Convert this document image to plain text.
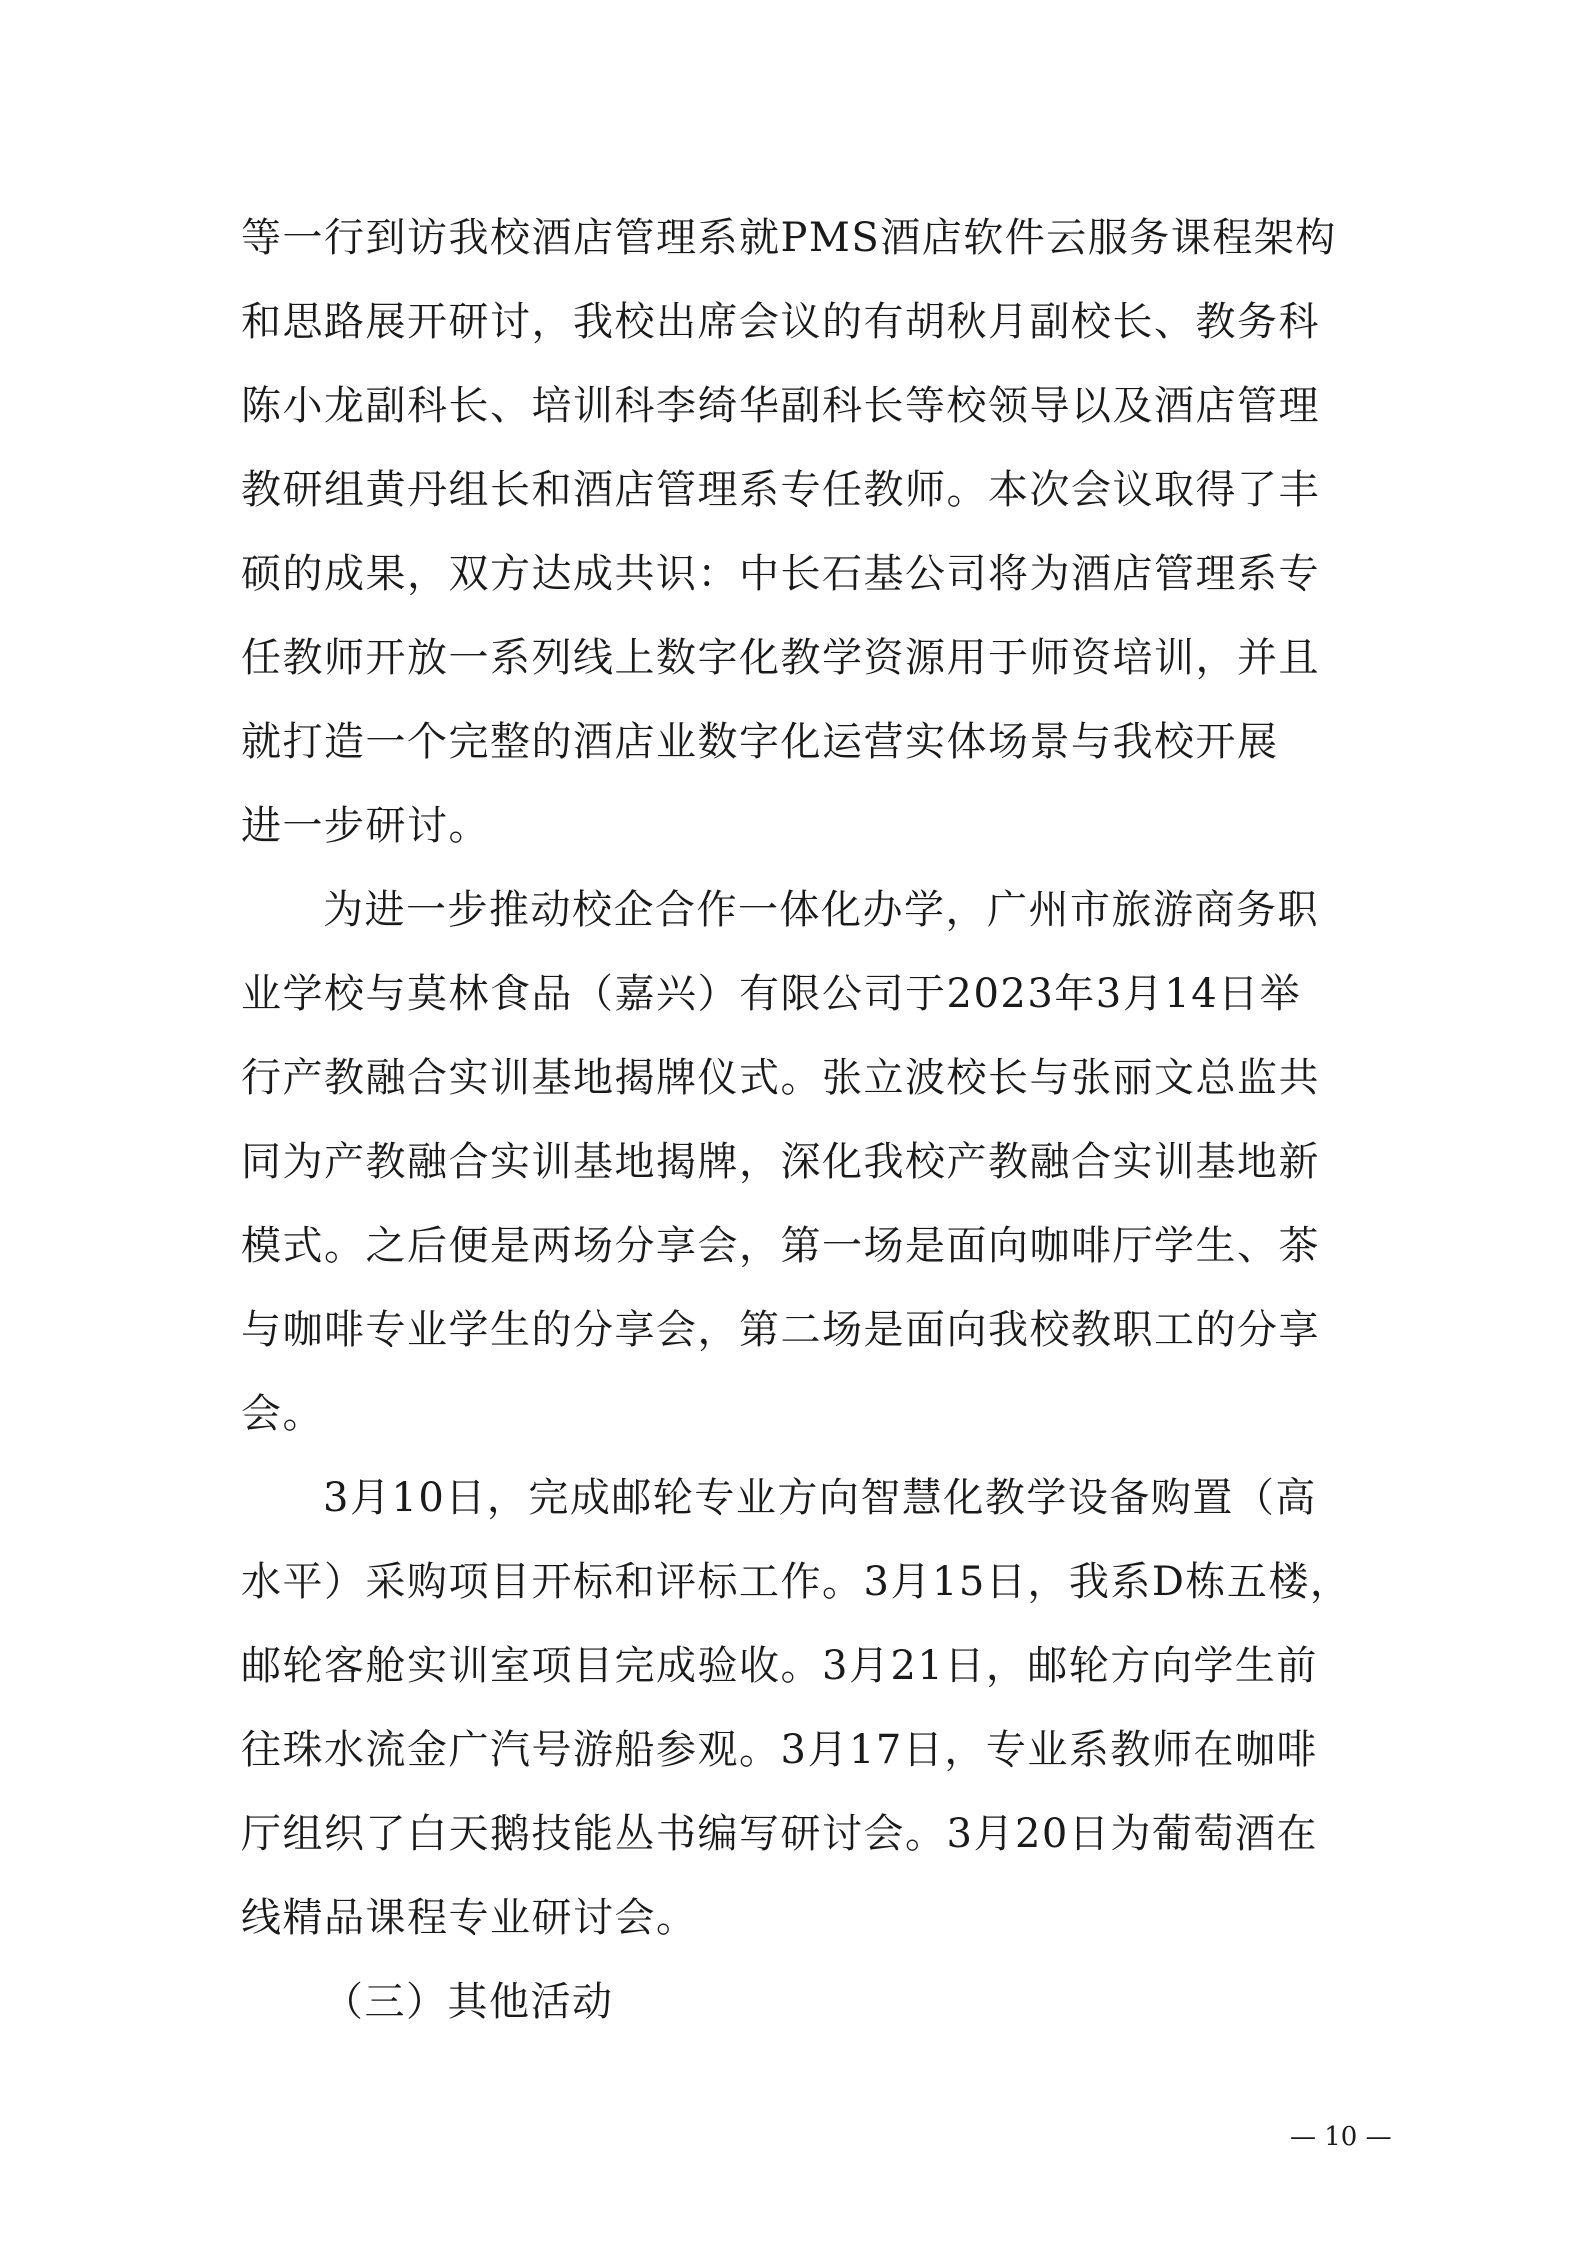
等一行到访我校酒店管理系就PMS酒店软件云服务课程架构
和思路展开研讨，我校出席会议的有胡秋月副校长、教务科
陈小龙副科长、培训科李绮华副科长等校领导以及酒店管理
教研组黄丹组长和酒店管理系专任教师。本次会议取得了丰
硕的成果，双方达成共识：中长石基公司将为酒店管理系专
任教师开放一系列线上数字化教学资源用于师资培训，并且
就打造一个完整的酒店业数字化运营实体场景与我校开展
进一步研讨。
为进一步推动校企合作一体化办学，广州市旅游商务职
业学校与莫林食品（嘉兴）有限公司于2023年3月14日举
行产教融合实训基地揭牌仪式。张立波校长与张丽文总监共
同为产教融合实训基地揭牌，深化我校产教融合实训基地新
模式。之后便是两场分享会，第一场是面向咖啡厅学生、茶
与咖啡专业学生的分享会，第二场是面向我校教职工的分享
会。
3月10日，完成邮轮专业方向智慧化教学设备购置（高
水平）采购项目开标和评标工作。3月15日，我系D栋五楼，
邮轮客舱实训室项目完成验收。3月21日，邮轮方向学生前
往珠水流金广汽号游船参观。3月17日，专业系教师在咖啡
厅组织了白天鹅技能丛书编写研讨会。3月20日为葡萄酒在
线精品课程专业研讨会。
（三）其他活动
— 10 —
